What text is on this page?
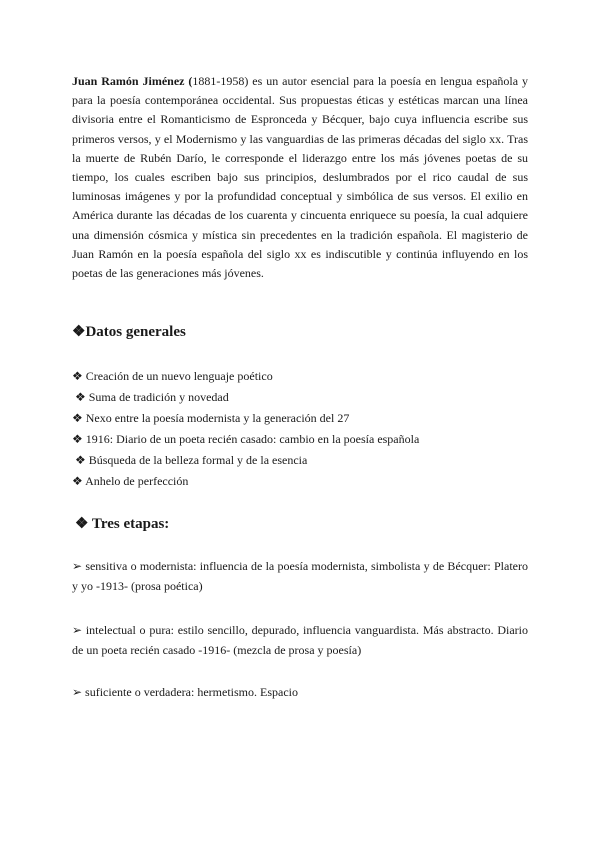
Juan Ramón Jiménez (1881-1958) es un autor esencial para la poesía en lengua española y para la poesía contemporánea occidental. Sus propuestas éticas y estéticas marcan una línea divisoria entre el Romanticismo de Espronceda y Bécquer, bajo cuya influencia escribe sus primeros versos, y el Modernismo y las vanguardias de las primeras décadas del siglo xx. Tras la muerte de Rubén Darío, le corresponde el liderazgo entre los más jóvenes poetas de su tiempo, los cuales escriben bajo sus principios, deslumbrados por el rico caudal de sus luminosas imágenes y por la profundidad conceptual y simbólica de sus versos. El exilio en América durante las décadas de los cuarenta y cincuenta enriquece su poesía, la cual adquiere una dimensión cósmica y mística sin precedentes en la tradición española. El magisterio de Juan Ramón en la poesía española del siglo xx es indiscutible y continúa influyendo en los poetas de las generaciones más jóvenes.

❖Datos generales
❖ Creación de un nuevo lenguaje poético
❖ Suma de tradición y novedad
❖ Nexo entre la poesía modernista y la generación del 27
❖ 1916: Diario de un poeta recién casado: cambio en la poesía española
❖ Búsqueda de la belleza formal y de la esencia
❖ Anhelo de perfección
❖ Tres etapas:

➢ sensitiva o modernista: influencia de la poesía modernista, simbolista y de Bécquer: Platero y yo -1913- (prosa poética)

➢ intelectual o pura: estilo sencillo, depurado, influencia vanguardista. Más abstracto. Diario de un poeta recién casado -1916- (mezcla de prosa y poesía)

➢ suficiente o verdadera: hermetismo. Espacio
